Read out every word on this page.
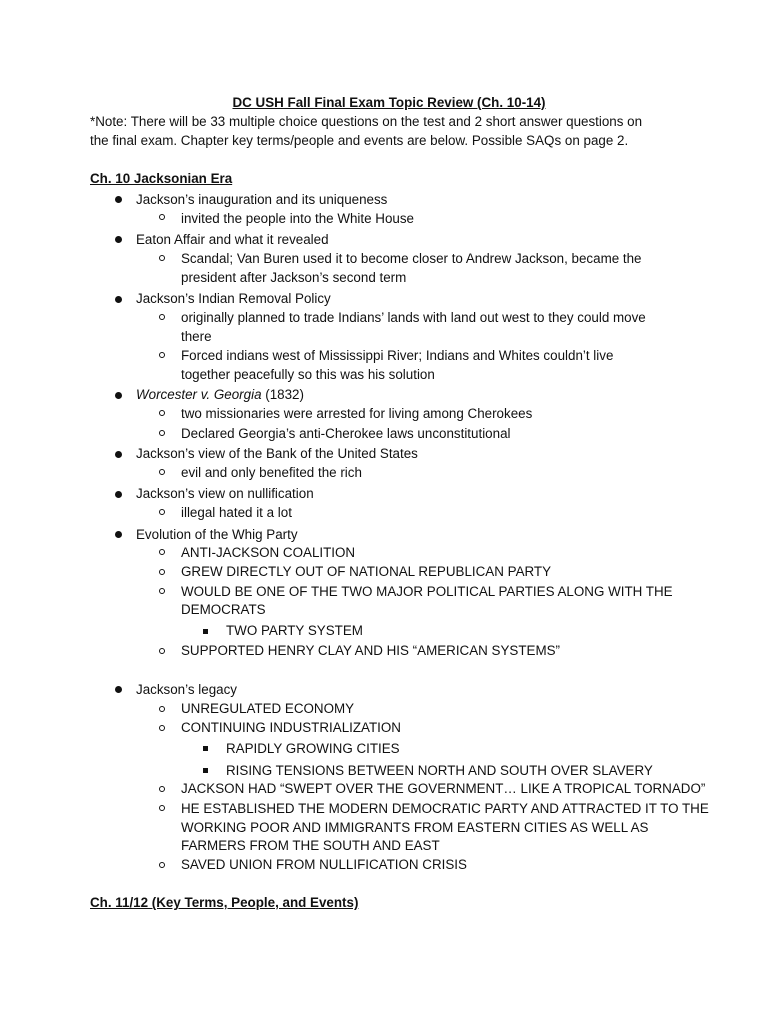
DC USH Fall Final Exam Topic Review (Ch. 10-14)
*Note: There will be 33 multiple choice questions on the test and 2 short answer questions on
the final exam. Chapter key terms/people and events are below. Possible SAQs on page 2.
Ch. 10 Jacksonian Era
Jackson’s inauguration and its uniqueness
invited the people into the White House
Eaton Affair and what it revealed
Scandal; Van Buren used it to become closer to Andrew Jackson, became the
president after Jackson’s second term
Jackson’s Indian Removal Policy
originally planned to trade Indians’ lands with land out west to they could move
there
Forced indians west of Mississippi River; Indians and Whites couldn’t live
together peacefully so this was his solution
Worcester v. Georgia (1832)
two missionaries were arrested for living among Cherokees
Declared Georgia’s anti-Cherokee laws unconstitutional
Jackson’s view of the Bank of the United States
evil and only benefited the rich
Jackson’s view on nullification
illegal hated it a lot
Evolution of the Whig Party
ANTI-JACKSON COALITION
GREW DIRECTLY OUT OF NATIONAL REPUBLICAN PARTY
WOULD BE ONE OF THE TWO MAJOR POLITICAL PARTIES ALONG WITH THE
DEMOCRATS
TWO PARTY SYSTEM
SUPPORTED HENRY CLAY AND HIS “AMERICAN SYSTEMS”
Jackson’s legacy
UNREGULATED ECONOMY
CONTINUING INDUSTRIALIZATION
RAPIDLY GROWING CITIES
RISING TENSIONS BETWEEN NORTH AND SOUTH OVER SLAVERY
JACKSON HAD “SWEPT OVER THE GOVERNMENT… LIKE A TROPICAL TORNADO”
HE ESTABLISHED THE MODERN DEMOCRATIC PARTY AND ATTRACTED IT TO THE
WORKING POOR AND IMMIGRANTS FROM EASTERN CITIES AS WELL AS
FARMERS FROM THE SOUTH AND EAST
SAVED UNION FROM NULLIFICATION CRISIS
Ch. 11/12 (Key Terms, People, and Events)
